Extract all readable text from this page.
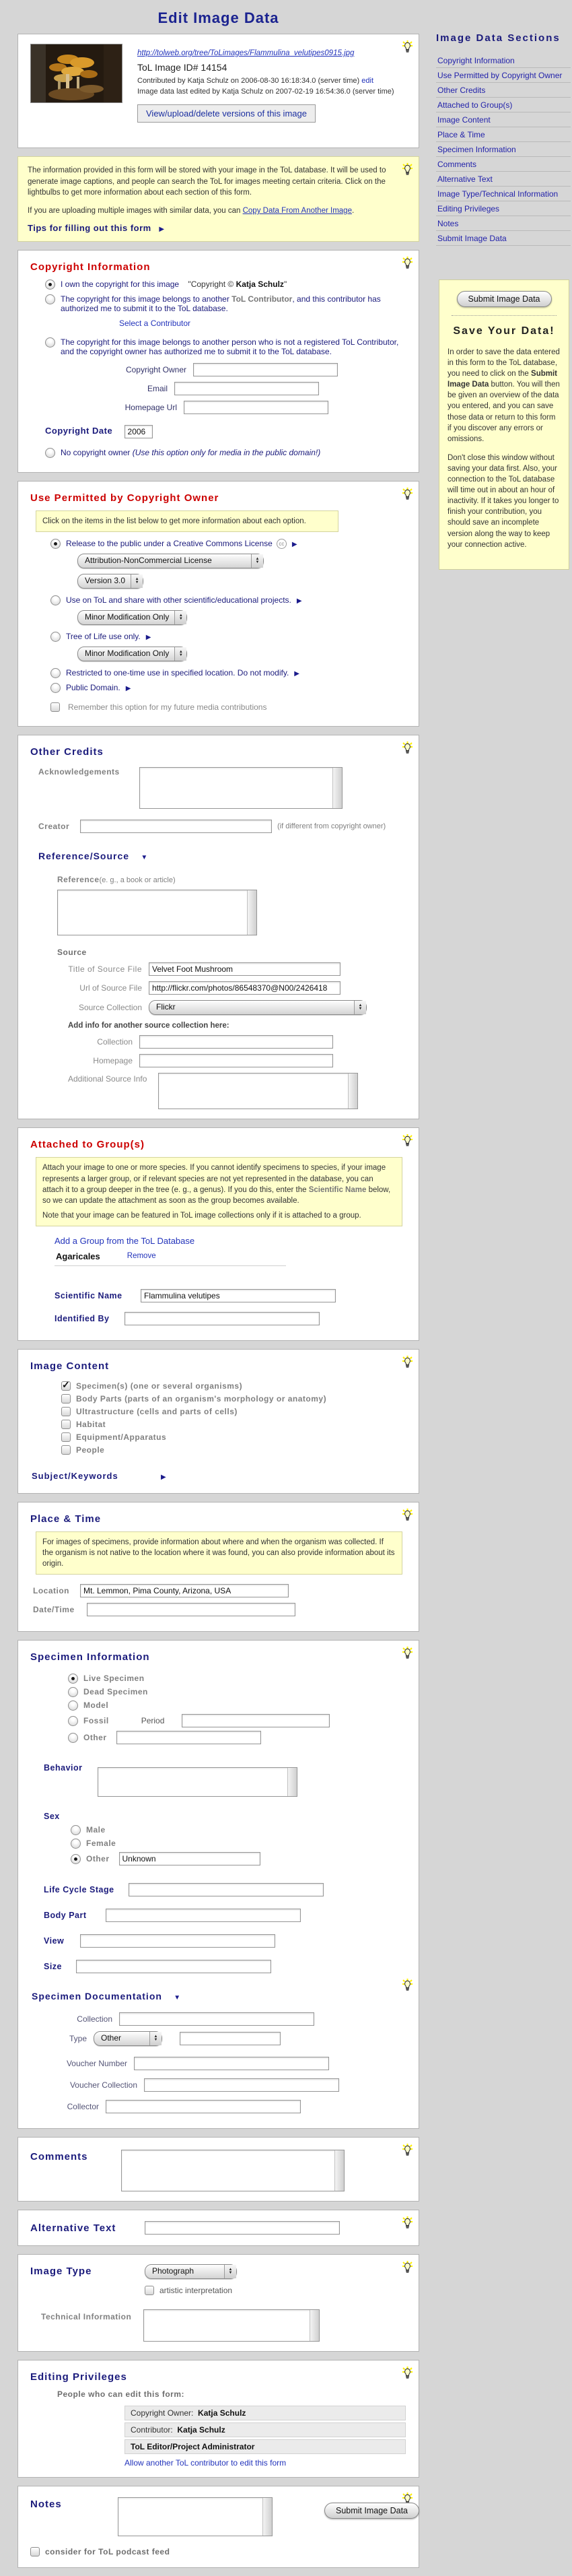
Edit Image Data
http://tolweb.org/tree/ToLimages/Flammulina_velutipes0915.jpg
ToL Image ID# 14154
Contributed by Katja Schulz on 2006-08-30 16:18:34.0 (server time) edit
Image data last edited by Katja Schulz on 2007-02-19 16:54:36.0 (server time)
View/upload/delete versions of this image
The information provided in this form will be stored with your image in the ToL database. It will be used to generate image captions, and people can search the ToL for images meeting certain criteria. Click on the lightbulbs to get more information about each section of this form.
If you are uploading multiple images with similar data, you can Copy Data From Another Image.
Tips for filling out this form ▶
Copyright Information
I own the copyright for this image "Copyright © Katja Schulz"
The copyright for this image belongs to another ToL Contributor, and this contributor has authorized me to submit it to the ToL database.
Select a Contributor
The copyright for this image belongs to another person who is not a registered ToL Contributor, and the copyright owner has authorized me to submit it to the ToL database.
Copyright Owner
Email
Homepage Url
Copyright Date 2006
No copyright owner (Use this option only for media in the public domain!)
Use Permitted by Copyright Owner
Click on the items in the list below to get more information about each option.
Release to the public under a Creative Commons License cc ▶
Attribution-NonCommercial License
▲ ▼
Version 3.0
▲ ▼
Use on ToL and share with other scientific/educational projects. ▶
Minor Modification Only
▲ ▼
Tree of Life use only. ▶
Minor Modification Only
▲ ▼
Restricted to one-time use in specified location. Do not modify. ▶
Public Domain. ▶
Remember this option for my future media contributions
Other Credits
Acknowledgements
Creator	(if different from copyright owner)
Reference/Source ▼
Reference(e. g., a book or article)
Source
Title of Source File	Velvet Foot Mushroom
Url of Source File	http://flickr.com/photos/86548370@N00/2426418
Source Collection	Flickr
▲ ▼
Add info for another source collection here:
Collection
Homepage
Additional Source Info
Attached to Group(s)
Attach your image to one or more species. If you cannot identify specimens to species, if your image represents a larger group, or if relevant species are not yet represented in the database, you can attach it to a group deeper in the tree (e. g., a genus). If you do this, enter the Scientific Name below, so we can update the attachment as soon as the group becomes available.
Note that your image can be featured in ToL image collections only if it is attached to a group.
Add a Group from the ToL Database
Agaricales	Remove
Scientific Name	Flammulina velutipes
Identified By
Image Content
✓
Specimen(s) (one or several organisms)
Body Parts (parts of an organism's morphology or anatomy)
Ultrastructure (cells and parts of cells)
Habitat
Equipment/Apparatus
People
Subject/Keywords	▶
Place & Time
For images of specimens, provide information about where and when the organism was collected. If the organism is not native to the location where it was found, you can also provide information about its origin.
Location	Mt. Lemmon, Pima County, Arizona, USA
Date/Time
Specimen Information
Live Specimen
Dead Specimen
Model
Fossil	Period
Other
Behavior
Sex
Male
Female
Other	Unknown
Life Cycle Stage
Body Part
View
Size
Specimen Documentation ▼
Collection
Type	Other
▲ ▼
Voucher Number
Voucher Collection
Collector
Comments
Alternative Text
Image Type	Photograph
▲ ▼
artistic interpretation
Technical Information
Editing Privileges
People who can edit this form:
Copyright Owner: Katja Schulz
Contributor: Katja Schulz
ToL Editor/Project Administrator
Allow another ToL contributor to edit this form
Notes
consider for ToL podcast feed
Submit Image Data
Image Data Sections
Copyright Information
Use Permitted by Copyright Owner
Other Credits
Attached to Group(s)
Image Content
Place & Time
Specimen Information
Comments
Alternative Text
Image Type/Technical Information
Editing Privileges
Notes
Submit Image Data
Submit Image Data
Save Your Data!

In order to save the data entered in this form to the ToL database, you need to click on the Submit Image Data button. You will then be given an overview of the data you entered, and you can save those data or return to this form if you discover any errors or omissions.

Don't close this window without saving your data first. Also, your connection to the ToL database will time out in about an hour of inactivity. If it takes you longer to finish your contribution, you should save an incomplete version along the way to keep your connection active.
